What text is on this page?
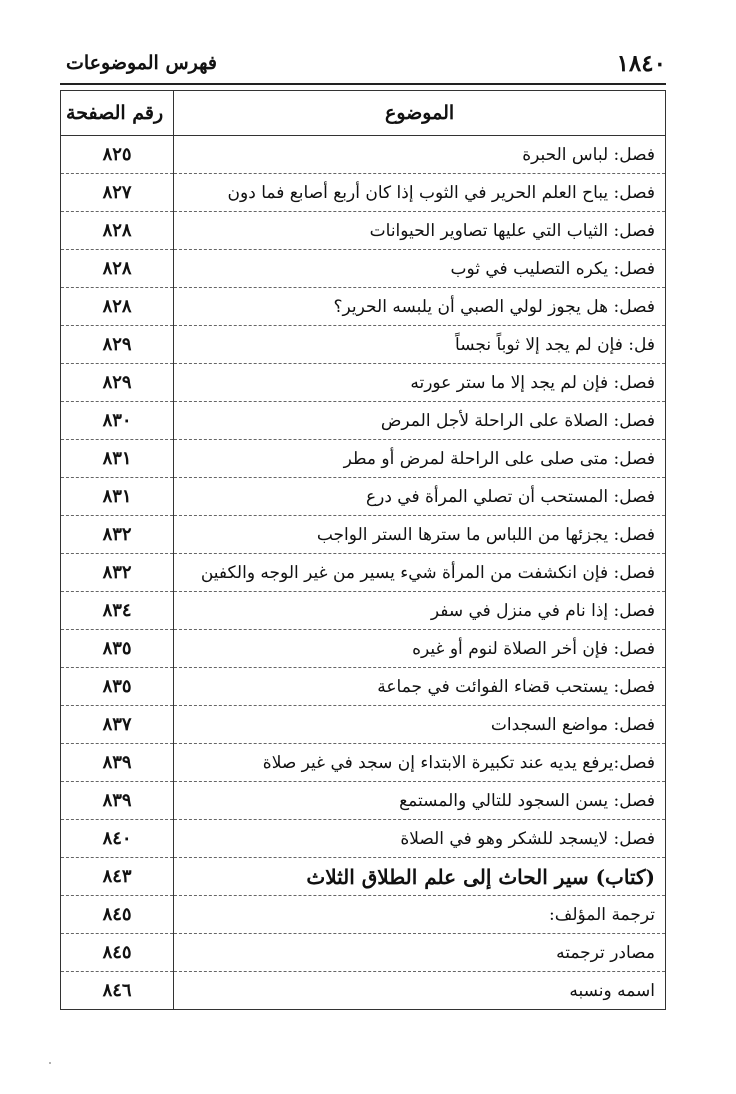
١٨٤٠
فهرس الموضوعات
الموضوع	رقم الصفحة
فصل: لباس الحبرة	٨٢٥
فصل: يباح العلم الحرير في الثوب إذا كان أربع أصابع فما دون	٨٢٧
فصل: الثياب التي عليها تصاوير الحيوانات	٨٢٨
فصل: يكره التصليب في ثوب	٨٢٨
فصل: هل يجوز لولي الصبي أن يلبسه الحرير؟	٨٢٨
فل: فإن لم يجد إلا ثوباً نجساً	٨٢٩
فصل: فإن لم يجد إلا ما ستر عورته	٨٢٩
فصل: الصلاة على الراحلة لأجل المرض	٨٣٠
فصل: متى صلى على الراحلة لمرض أو مطر	٨٣١
فصل: المستحب أن تصلي المرأة في درع	٨٣١
فصل: يجزئها من اللباس ما سترها الستر الواجب	٨٣٢
فصل: فإن انكشفت من المرأة شيء يسير من غير الوجه والكفين	٨٣٢
فصل: إذا نام في منزل في سفر	٨٣٤
فصل: فإن أخر الصلاة لنوم أو غيره	٨٣٥
فصل: يستحب قضاء الفوائت في جماعة	٨٣٥
فصل: مواضع السجدات	٨٣٧
فصل:يرفع يديه عند تكبيرة الابتداء إن سجد في غير صلاة	٨٣٩
فصل: يسن السجود للتالي والمستمع	٨٣٩
فصل: لايسجد للشكر وهو في الصلاة	٨٤٠
(كتاب) سير الحاث إلى علم الطلاق الثلاث	٨٤٣
ترجمة المؤلف:	٨٤٥
مصادر ترجمته	٨٤٥
اسمه ونسبه	٨٤٦
